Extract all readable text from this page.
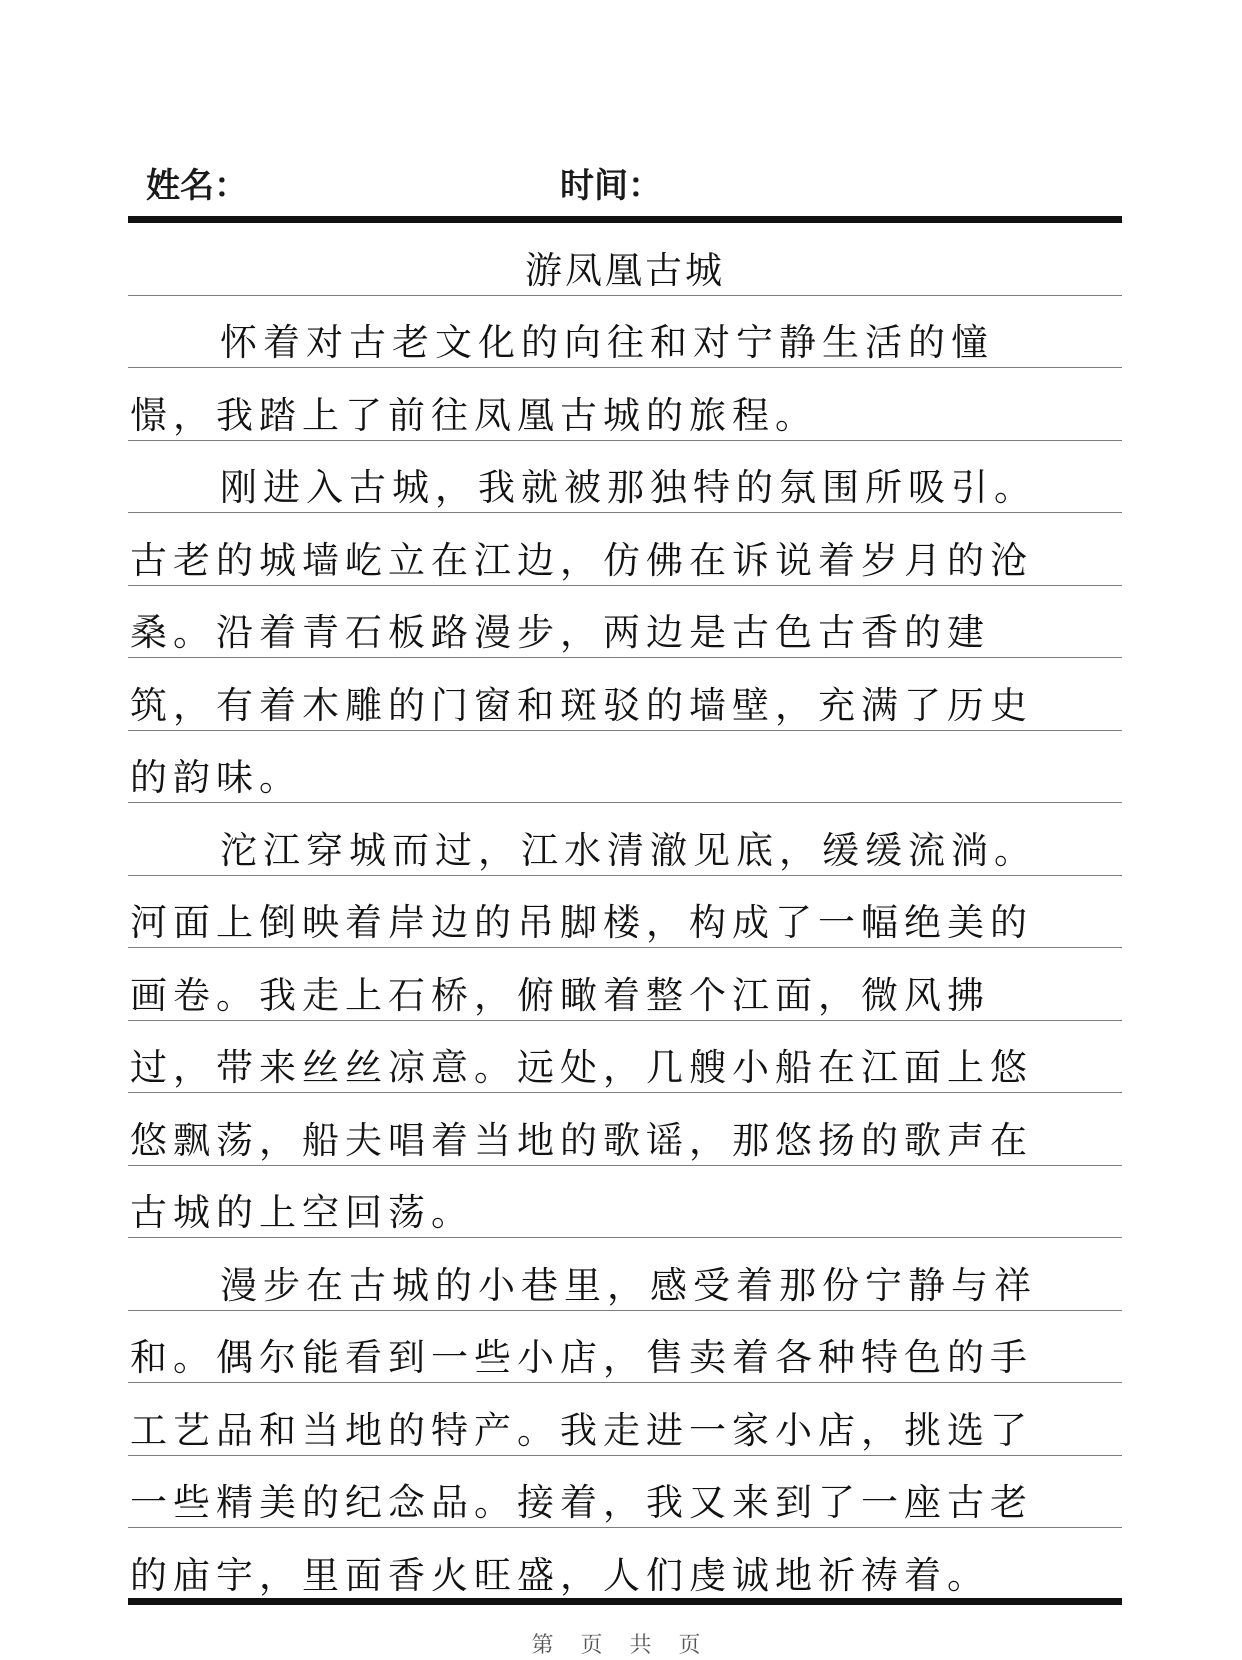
姓名：	时间：
游凤凰古城
怀着对古老文化的向往和对宁静生活的憧
憬，我踏上了前往凤凰古城的旅程。
刚进入古城，我就被那独特的氛围所吸引。
古老的城墙屹立在江边，仿佛在诉说着岁月的沧
桑。沿着青石板路漫步，两边是古色古香的建
筑，有着木雕的门窗和斑驳的墙壁，充满了历史
的韵味。
沱江穿城而过，江水清澈见底，缓缓流淌。
河面上倒映着岸边的吊脚楼，构成了一幅绝美的
画卷。我走上石桥，俯瞰着整个江面，微风拂
过，带来丝丝凉意。远处，几艘小船在江面上悠
悠飘荡，船夫唱着当地的歌谣，那悠扬的歌声在
古城的上空回荡。
漫步在古城的小巷里，感受着那份宁静与祥
和。偶尔能看到一些小店，售卖着各种特色的手
工艺品和当地的特产。我走进一家小店，挑选了
一些精美的纪念品。接着，我又来到了一座古老
的庙宇，里面香火旺盛，人们虔诚地祈祷着。
第 页 共 页
